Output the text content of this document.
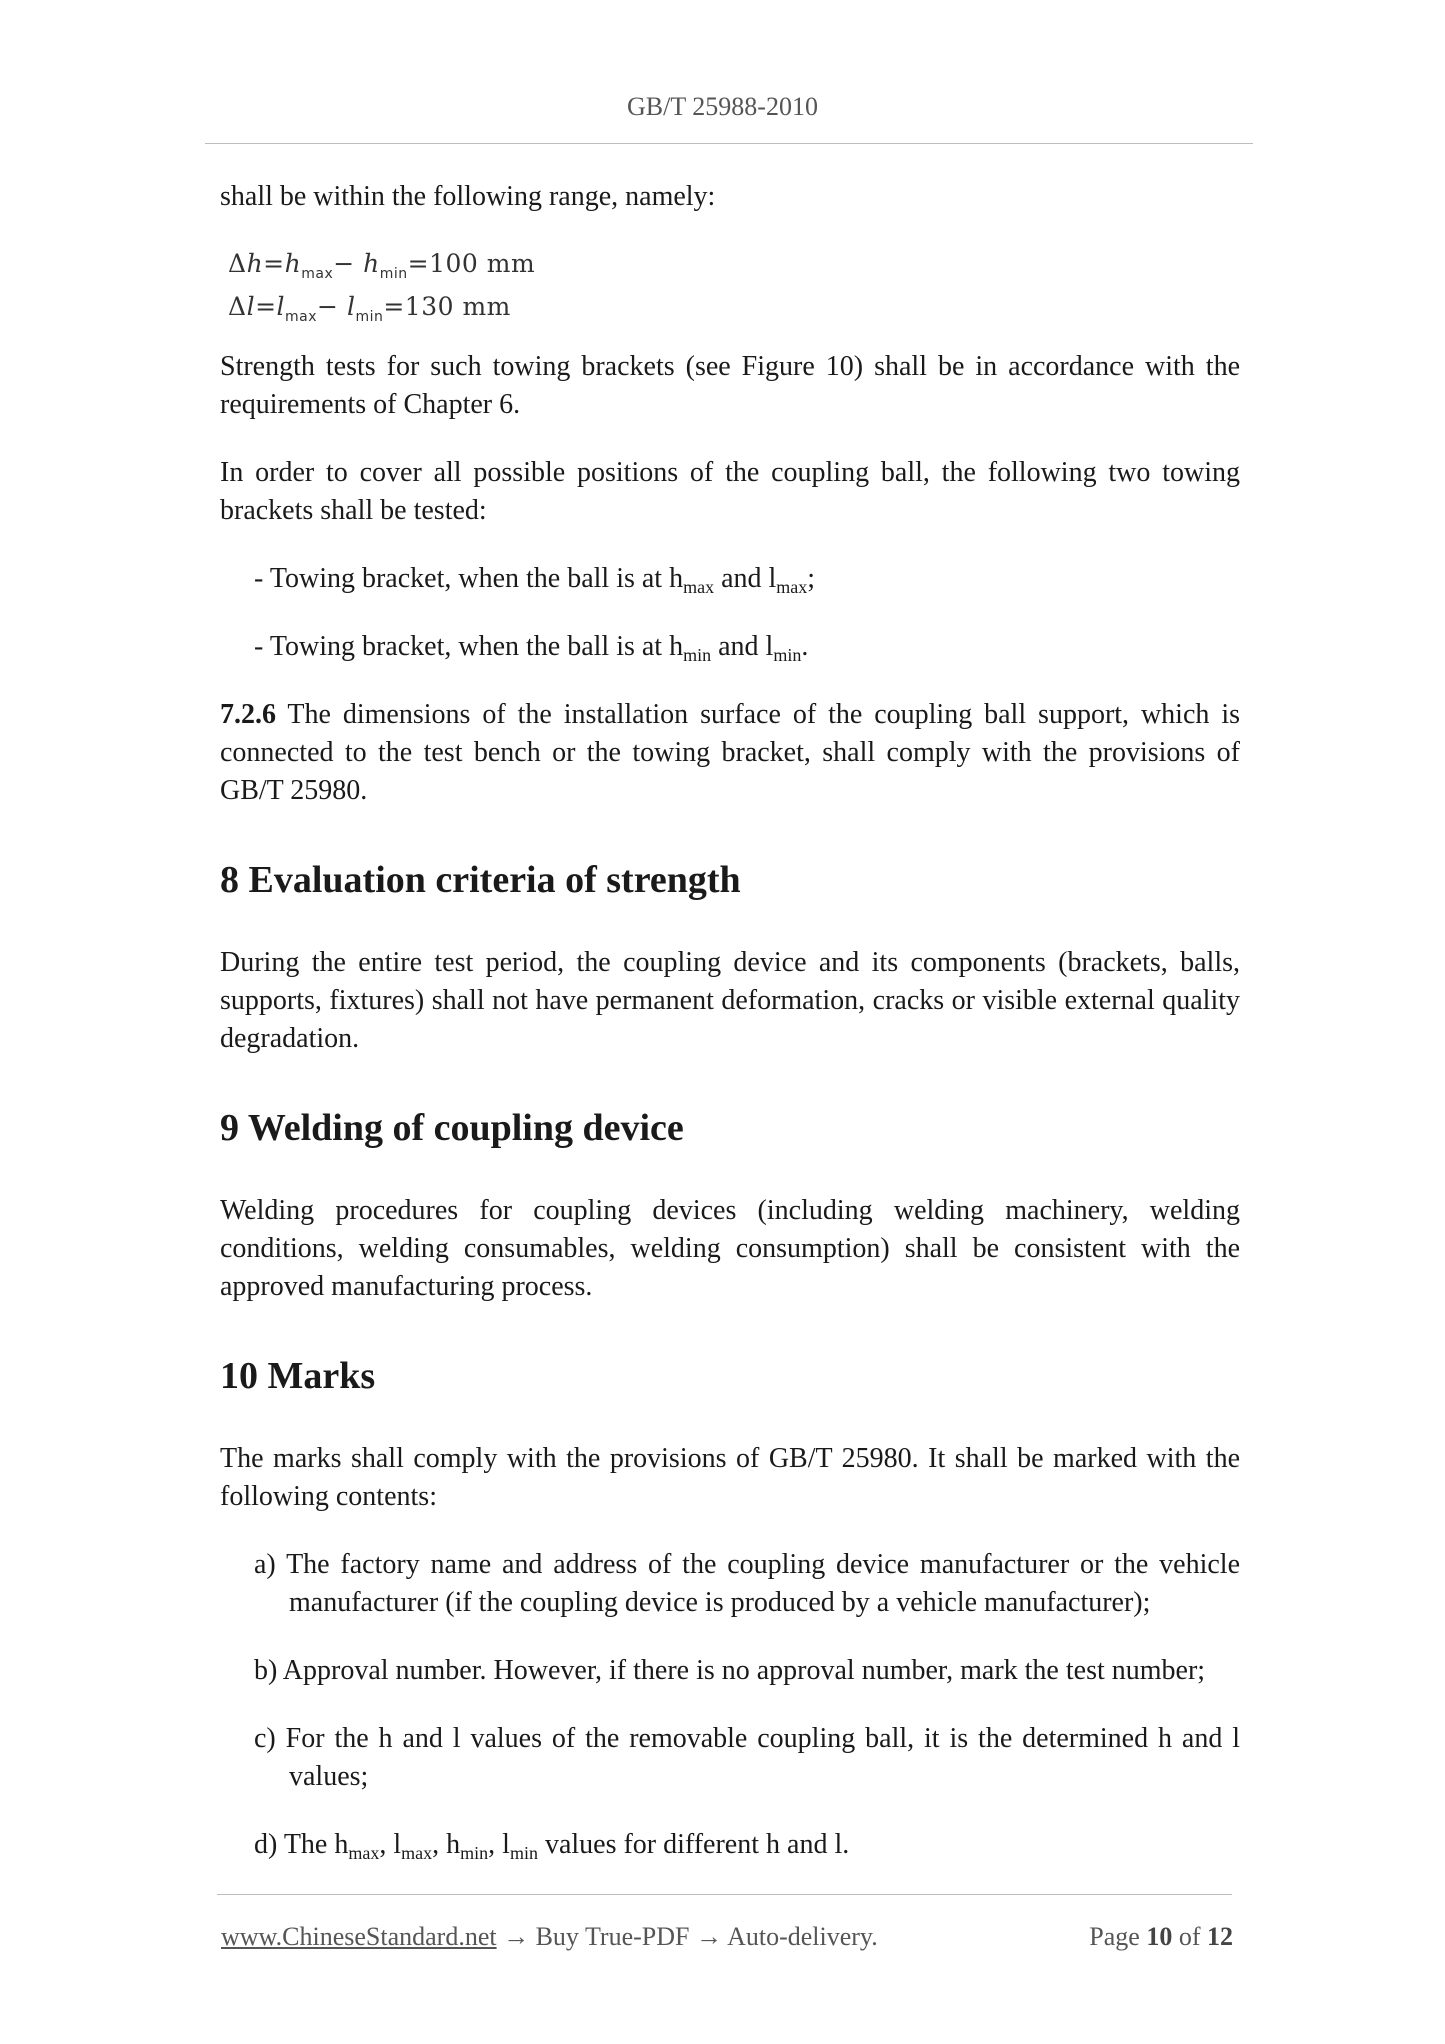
GB/T 25988-2010

shall be within the following range, namely:

$\Delta h=h_{max}- h_{min}=100$ mm
$\Delta l=l_{max}- l_{min}=130$ mm

Strength tests for such towing brackets (see Figure 10) shall be in accordance with the requirements of Chapter 6.

In order to cover all possible positions of the coupling ball, the following two towing brackets shall be tested:

- Towing bracket, when the ball is at $h_{max}$ and $l_{max}$;

- Towing bracket, when the ball is at $h_{min}$ and $l_{min}$.

7.2.6 The dimensions of the installation surface of the coupling ball support, which is connected to the test bench or the towing bracket, shall comply with the provisions of GB/T 25980.

8 Evaluation criteria of strength

During the entire test period, the coupling device and its components (brackets, balls, supports, fixtures) shall not have permanent deformation, cracks or visible external quality degradation.

9 Welding of coupling device

Welding procedures for coupling devices (including welding machinery, welding conditions, welding consumables, welding consumption) shall be consistent with the approved manufacturing process.

10 Marks

The marks shall comply with the provisions of GB/T 25980. It shall be marked with the following contents:

a) The factory name and address of the coupling device manufacturer or the vehicle manufacturer (if the coupling device is produced by a vehicle manufacturer);

b) Approval number. However, if there is no approval number, mark the test number;

c) For the h and l values of the removable coupling ball, it is the determined h and l values;

d) The $h_{max}$, $l_{max}$, $h_{min}$, $l_{min}$ values for different h and l.

www.ChineseStandard.net → Buy True-PDF → Auto-delivery.	Page 10 of 12
